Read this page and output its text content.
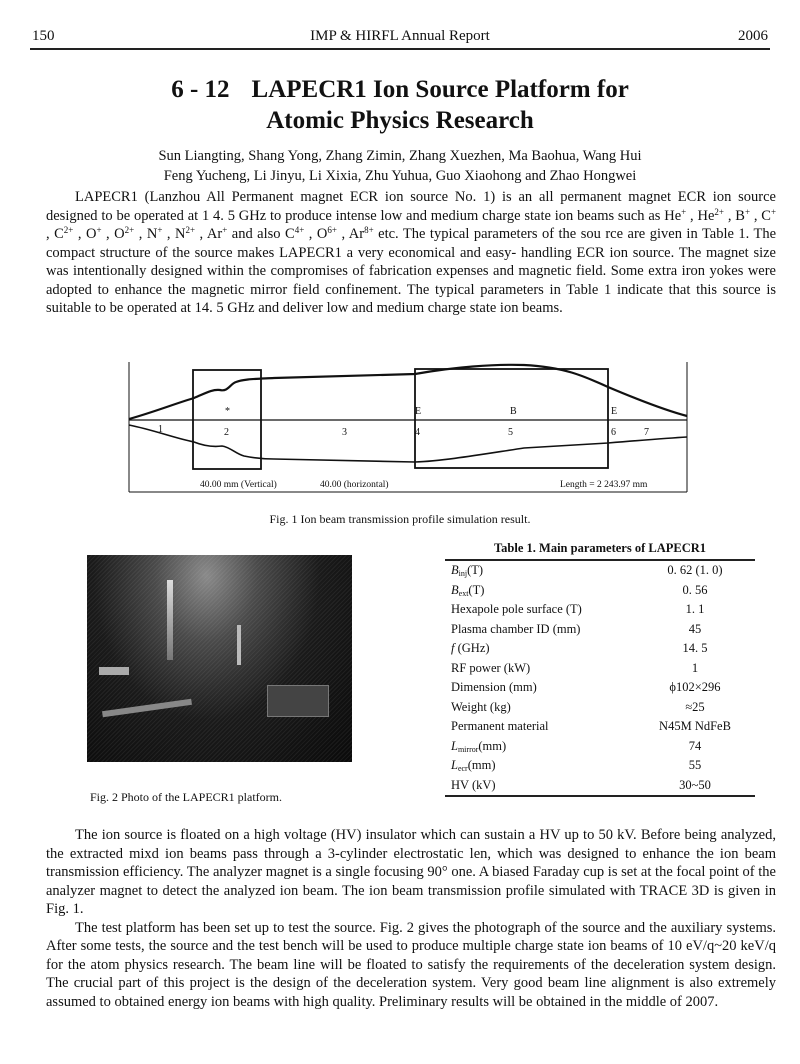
150	IMP & HIRFL Annual Report	2006
6 - 12 LAPECR1 Ion Source Platform for
Atomic Physics Research
Sun Liangting, Shang Yong, Zhang Zimin, Zhang Xuezhen, Ma Baohua, Wang Hui
Feng Yucheng, Li Jinyu, Li Xixia, Zhu Yuhua, Guo Xiaohong and Zhao Hongwei

LAPECR1 (Lanzhou All Permanent magnet ECR ion source No. 1) is an all permanent magnet ECR ion source designed to be operated at 1 4. 5 GHz to produce intense low and medium charge state ion beams such as He+ , $He^{2+}$ , B+ , C+ , $C^{2+}$ , O+ , $O^{2+}$ , N+ , $N^{2+}$ , Ar+ and also $C^{4+}$ , $O^{6+}$ , $Ar^{8+}$ etc. The typical parameters of the sou rce are given in Table 1. The compact structure of the source makes LAPECR1 a very economical and easy- handling ECR ion source. The magnet size was intentionally designed within the compromises of fabrication expenses and magnetic field. Some extra iron yokes were adopted to enhance the magnetic mirror field confinement. The typical parameters in Table 1 indicate that this source is suitable to be operated at 14. 5 GHz and deliver low and medium charge state ion beams.

1	2	3	4	5	6	7
*	E	B	E
40.00 mm (Vertical)	40.00 (horizontal)	Length = 2 243.97 mm
Fig. 1 Ion beam transmission profile simulation result.
Fig. 2 Photo of the LAPECR1 platform.
Table 1. Main parameters of LAPECR1
$B_{inj}(T)$	0. 62 (1. 0)
$B_{ext}(T)$	0. 56
Hexapole pole surface (T)	1. 1
Plasma chamber ID (mm)	45
f (GHz)	14. 5
RF power (kW)	1
Dimension (mm)	ϕ102×296
Weight (kg)	≈25
Permanent material	N45M NdFeB
$L_{mirror}(mm)$	74
$L_{ecr}(mm)$	55
HV (kV)	30~50

The ion source is floated on a high voltage (HV) insulator which can sustain a HV up to 50 kV. Before being analyzed, the extracted mixd ion beams pass through a 3-cylinder electrostatic len, which was designed to enhance the ion beam transmission efficiency. The analyzer magnet is a single focusing 90° one. A biased Faraday cup is set at the focal point of the analyzer magnet to detect the analyzed ion beam. The ion beam transmission profile simulated with TRACE 3D is given in Fig. 1.

The test platform has been set up to test the source. Fig. 2 gives the photograph of the source and the auxiliary systems. After some tests, the source and the test bench will be used to produce multiple charge state ion beams of 10 eV/q~20 keV/q for the atom physics research. The beam line will be floated to satisfy the requirements of the deceleration system design. The crucial part of this project is the design of the deceleration system. Very good beam line alignment is also extremely assumed to obtained energy ion beams with high quality. Preliminary results will be obtained in the middle of 2007.
